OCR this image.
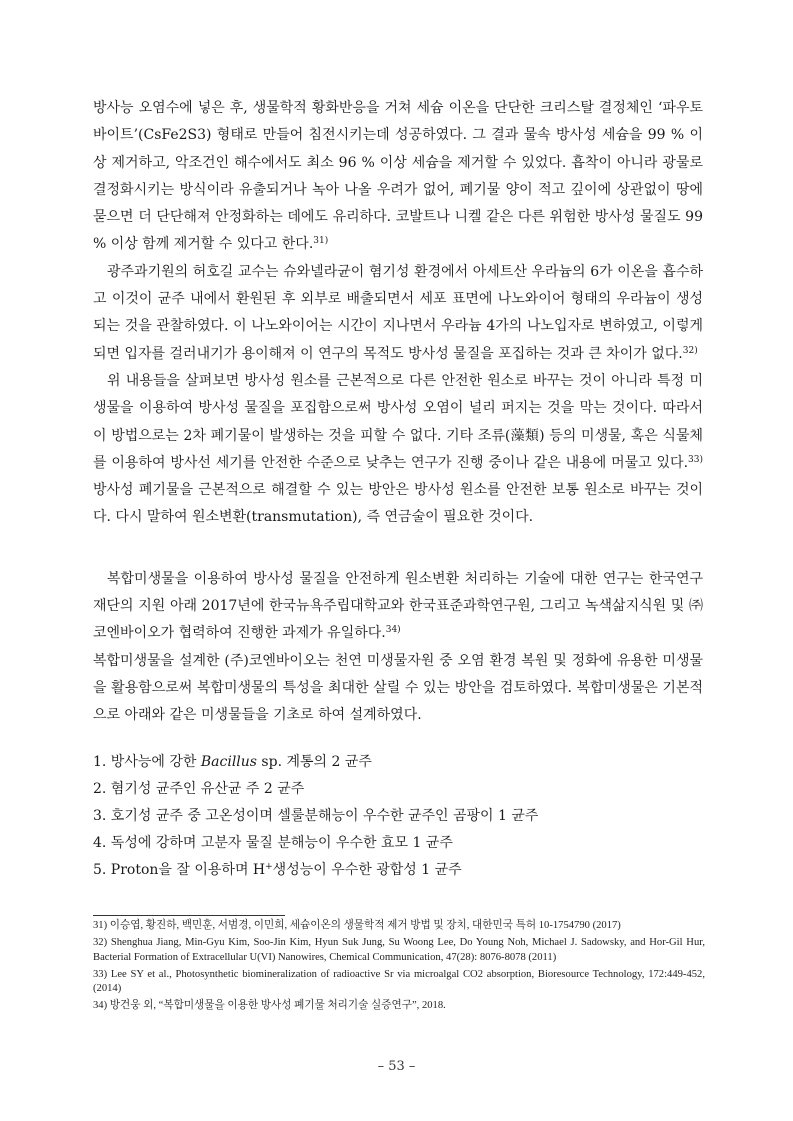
방사능 오염수에 넣은 후, 생물학적 황화반응을 거쳐 세슘 이온을 단단한 크리스탈 결정체인 ‘파우토바이트’(CsFe2S3) 형태로 만들어 침전시키는데 성공하였다. 그 결과 물속 방사성 세슘을 99 % 이상 제거하고, 악조건인 해수에서도 최소 96 % 이상 세슘을 제거할 수 있었다. 흡착이 아니라 광물로 결정화시키는 방식이라 유출되거나 녹아 나올 우려가 없어, 폐기물 양이 적고 깊이에 상관없이 땅에 묻으면 더 단단해져 안정화하는 데에도 유리하다. 코발트나 니켈 같은 다른 위험한 방사성 물질도 99 % 이상 함께 제거할 수 있다고 한다.$^{31)}$

광주과기원의 허호길 교수는 슈와넬라균이 혐기성 환경에서 아세트산 우라늄의 6가 이온을 흡수하고 이것이 균주 내에서 환원된 후 외부로 배출되면서 세포 표면에 나노와이어 형태의 우라늄이 생성되는 것을 관찰하였다. 이 나노와이어는 시간이 지나면서 우라늄 4가의 나노입자로 변하였고, 이렇게 되면 입자를 걸러내기가 용이해져 이 연구의 목적도 방사성 물질을 포집하는 것과 큰 차이가 없다.$^{32)}$

위 내용들을 살펴보면 방사성 원소를 근본적으로 다른 안전한 원소로 바꾸는 것이 아니라 특정 미생물을 이용하여 방사성 물질을 포집함으로써 방사성 오염이 널리 퍼지는 것을 막는 것이다. 따라서 이 방법으로는 2차 폐기물이 발생하는 것을 피할 수 없다. 기타 조류(藻類) 등의 미생물, 혹은 식물체를 이용하여 방사선 세기를 안전한 수준으로 낮추는 연구가 진행 중이나 같은 내용에 머물고 있다.$^{33)}$ 방사성 폐기물을 근본적으로 해결할 수 있는 방안은 방사성 원소를 안전한 보통 원소로 바꾸는 것이다. 다시 말하여 원소변환(transmutation), 즉 연금술이 필요한 것이다.

복합미생물을 이용하여 방사성 물질을 안전하게 원소변환 처리하는 기술에 대한 연구는 한국연구재단의 지원 아래 2017년에 한국뉴욕주립대학교와 한국표준과학연구원, 그리고 녹색삶지식원 및 ㈜코엔바이오가 협력하여 진행한 과제가 유일하다.$^{34)}$

복합미생물을 설계한 (주)코엔바이오는 천연 미생물자원 중 오염 환경 복원 및 정화에 유용한 미생물을 활용함으로써 복합미생물의 특성을 최대한 살릴 수 있는 방안을 검토하였다. 복합미생물은 기본적으로 아래와 같은 미생물들을 기초로 하여 설계하였다.

1. 방사능에 강한 Bacillus sp. 계통의 2 균주
2. 혐기성 균주인 유산균 주 2 균주
3. 호기성 균주 중 고온성이며 셀룰분해능이 우수한 균주인 곰팡이 1 균주
4. 독성에 강하며 고분자 물질 분해능이 우수한 효모 1 균주
5. Proton을 잘 이용하며 H+생성능이 우수한 광합성 1 균주
31) 이승엽, 황진하, 백민훈, 서범경, 이민희, 세슘이온의 생물학적 제거 방법 및 장치, 대한민국 특허 10-1754790 (2017)
32) Shenghua Jiang, Min-Gyu Kim, Soo-Jin Kim, Hyun Suk Jung, Su Woong Lee, Do Young Noh, Michael J. Sadowsky, and Hor-Gil Hur, Bacterial Formation of Extracellular U(VI) Nanowires, Chemical Communication, 47(28): 8076-8078 (2011)
33) Lee SY et al., Photosynthetic biomineralization of radioactive Sr via microalgal CO2 absorption, Bioresource Technology, 172:449-452, (2014)
34) 방건웅 외, “복합미생물을 이용한 방사성 폐기물 처리기술 실증연구”, 2018.
– 53 –
